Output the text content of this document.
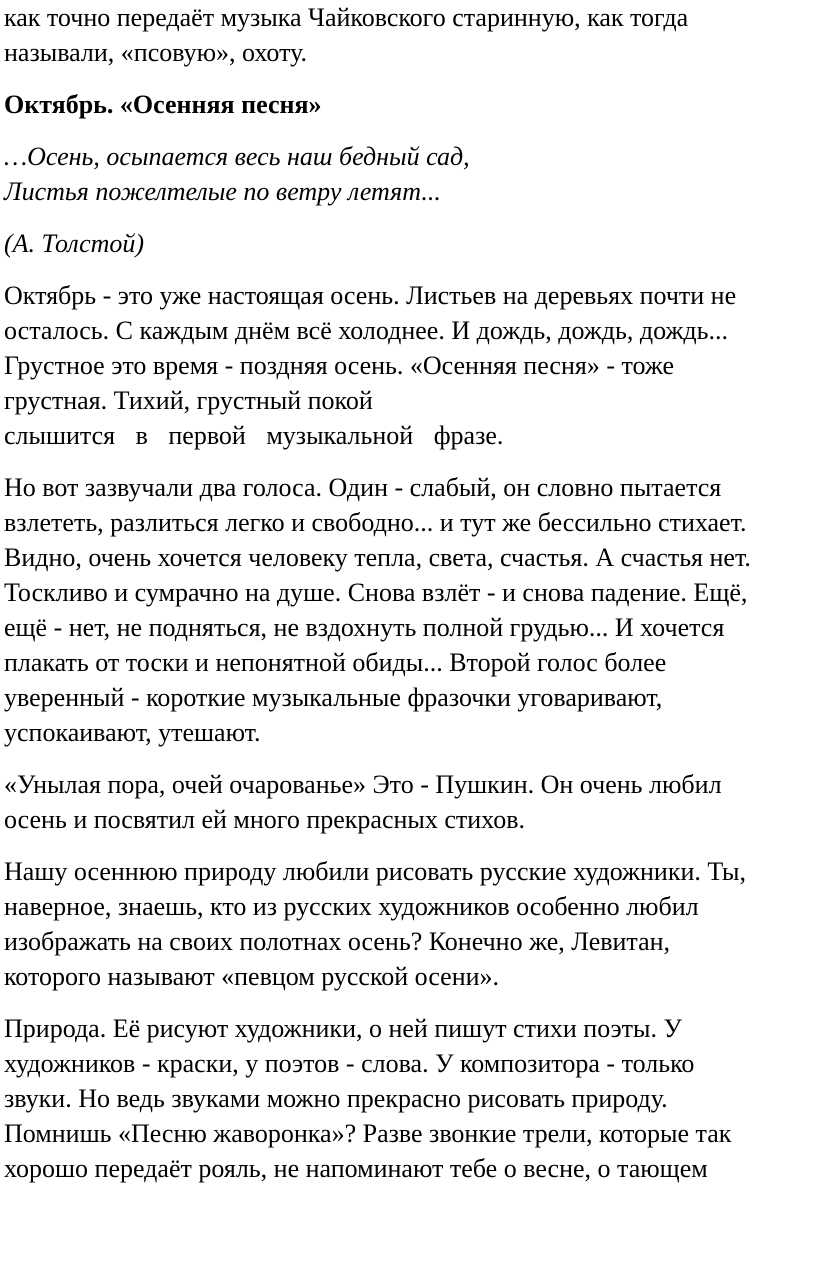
как точно передаёт музыка Чайковского старинную, как тогда
называли, «псовую», охоту.

Октябрь. «Осенняя песня»

…Осень, осыпается весь наш бедный сад,
Листья пожелтелые по ветру летят...

(А. Толстой)

Октябрь - это уже настоящая осень. Листьев на деревьях почти не
осталось. С каждым днём всё холоднее. И дождь, дождь, дождь...
Грустное это время - поздняя осень. «Осенняя песня» - тоже
грустная. Тихий, грустный покой
слышится в первой музыкальной фразе.

Но вот зазвучали два голоса. Один - слабый, он словно пытается
взлететь, разлиться легко и свободно... и тут же бессильно стихает.
Видно, очень хочется человеку тепла, света, счастья. А счастья нет.
Тоскливо и сумрачно на душе. Снова взлёт - и снова падение. Ещё,
ещё - нет, не подняться, не вздохнуть полной грудью... И хочется
плакать от тоски и непонятной обиды... Второй голос более
уверенный - короткие музыкальные фразочки уговаривают,
успокаивают, утешают.

«Унылая пора, очей очарованье» Это - Пушкин. Он очень любил
осень и посвятил ей много прекрасных стихов.

Нашу осеннюю природу любили рисовать русские художники. Ты,
наверное, знаешь, кто из русских художников особенно любил
изображать на своих полотнах осень? Конечно же, Левитан,
которого называют «певцом русской осени».

Природа. Её рисуют художники, о ней пишут стихи поэты. У
художников - краски, у поэтов - слова. У композитора - только
звуки. Но ведь звуками можно прекрасно рисовать природу.
Помнишь «Песню жаворонка»? Разве звонкие трели, которые так
хорошо передаёт рояль, не напоминают тебе о весне, о тающем
